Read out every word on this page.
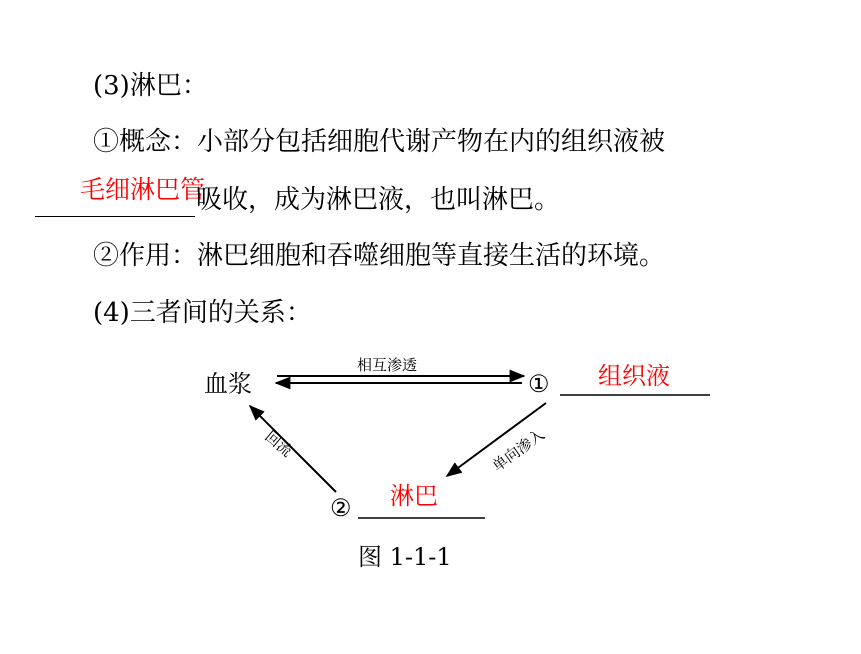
(3)淋巴：
①概念：小部分包括细胞代谢产物在内的组织液被
毛细淋巴管
吸收，成为淋巴液，也叫淋巴。
②作用：淋巴细胞和吞噬细胞等直接生活的环境。
(4)三者间的关系：
血浆	① 组织液
② 淋巴
相互渗透
单向渗入
回流
图 1-1-1
